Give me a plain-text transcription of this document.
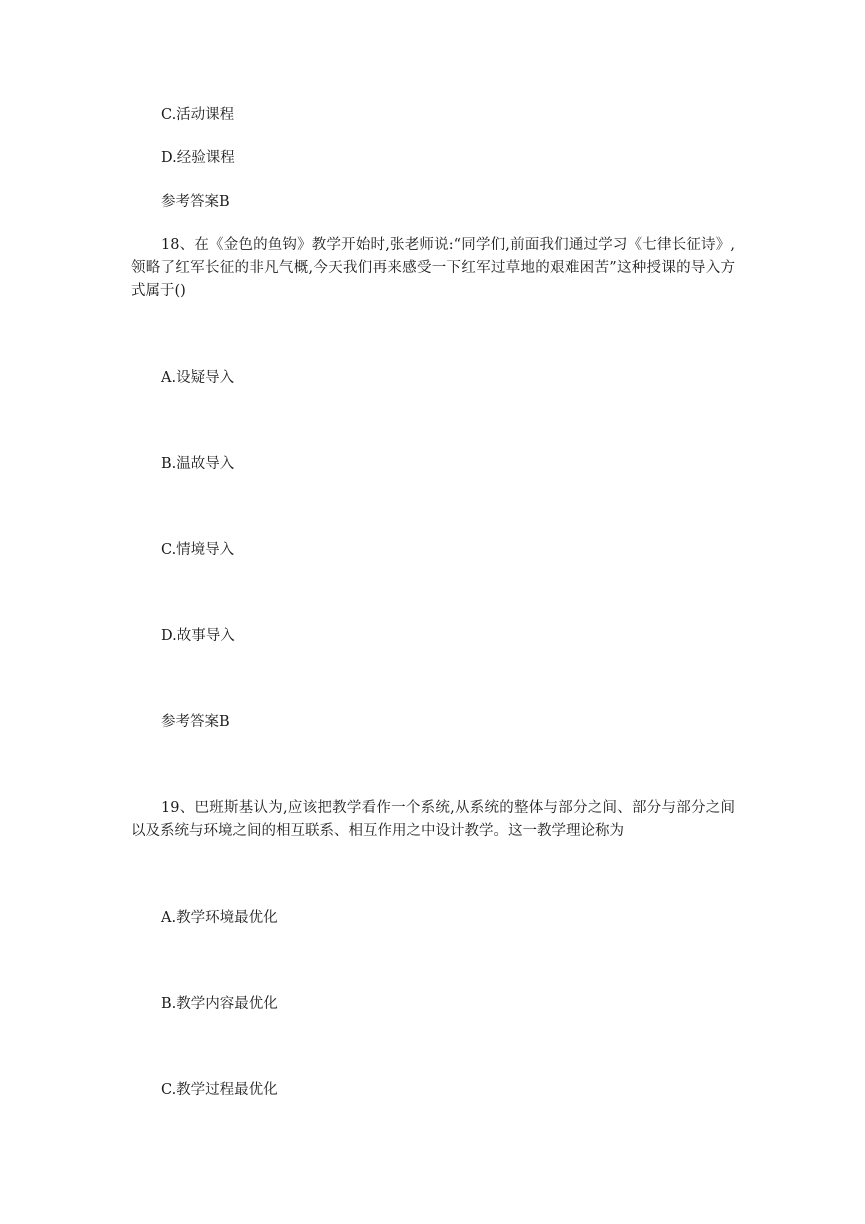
C.活动课程

D.经验课程

参考答案B

18、在《金色的鱼钩》教学开始时,张老师说:“同学们,前面我们通过学习《七律长征诗》,领略了红军长征的非凡气概,今天我们再来感受一下红军过草地的艰难困苦”这种授课的导入方式属于()

A.设疑导入

B.温故导入

C.情境导入

D.故事导入

参考答案B

19、巴班斯基认为,应该把教学看作一个系统,从系统的整体与部分之间、部分与部分之间以及系统与环境之间的相互联系、相互作用之中设计教学。这一教学理论称为

A.教学环境最优化

B.教学内容最优化

C.教学过程最优化
